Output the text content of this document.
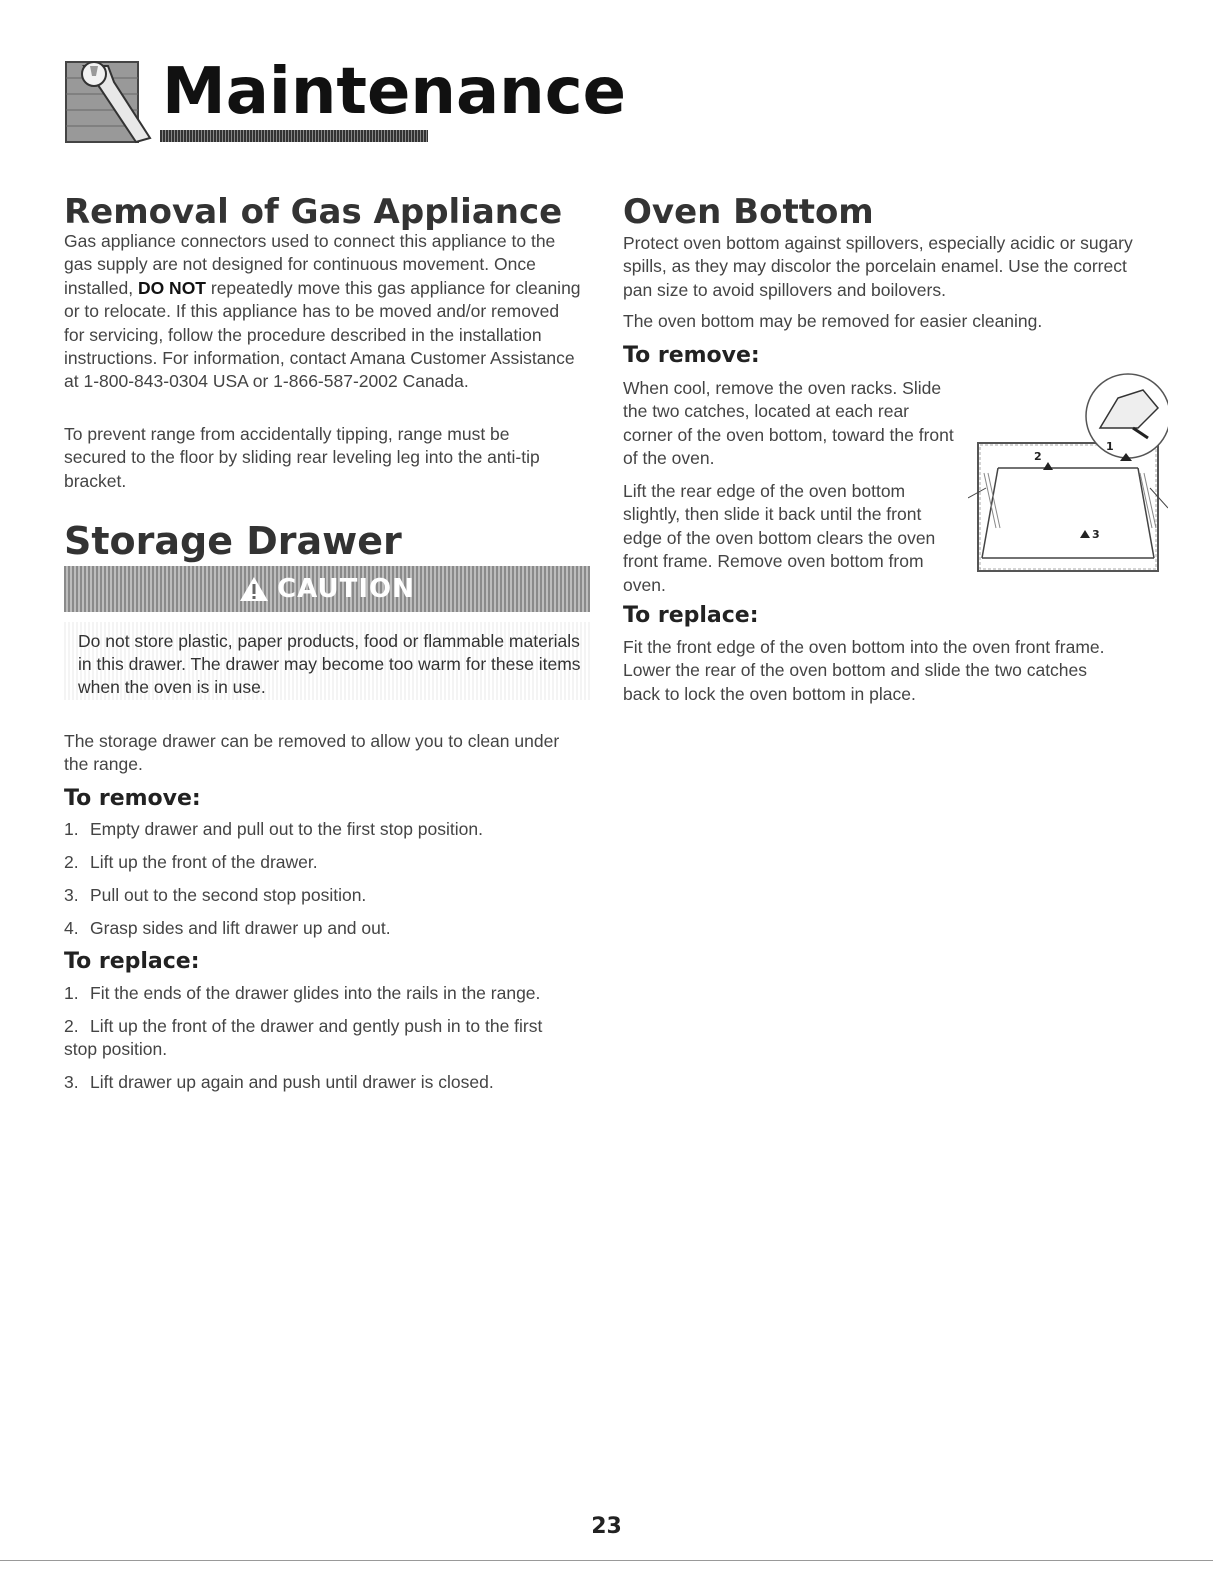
Maintenance
Removal of Gas Appliance

Gas appliance connectors used to connect this appliance to the gas supply are not designed for continuous movement. Once installed, DO NOT repeatedly move this gas appliance for cleaning or to relocate. If this appliance has to be moved and/or removed for servicing, follow the procedure described in the installation instructions. For information, contact Amana Customer Assistance at 1-800-843-0304 USA or 1-866-587-2002 Canada.

To prevent range from accidentally tipping, range must be secured to the floor by sliding rear leveling leg into the anti-tip bracket.

Storage Drawer
CAUTION
Do not store plastic, paper products, food or flammable materials in this drawer. The drawer may become too warm for these items when the oven is in use.

The storage drawer can be removed to allow you to clean under the range.

To remove:
1. Empty drawer and pull out to the first stop position.
2. Lift up the front of the drawer.
3. Pull out to the second stop position.
4. Grasp sides and lift drawer up and out.
To replace:
1. Fit the ends of the drawer glides into the rails in the range.
2. Lift up the front of the drawer and gently push in to the first stop position.
3. Lift drawer up again and push until drawer is closed.
Oven Bottom

Protect oven bottom against spillovers, especially acidic or sugary spills, as they may discolor the porcelain enamel. Use the correct pan size to avoid spillovers and boilovers.

The oven bottom may be removed for easier cleaning.

To remove:

When cool, remove the oven racks. Slide the two catches, located at each rear corner of the oven bottom, toward the front of the oven.

Lift the rear edge of the oven bottom slightly, then slide it back until the front edge of the oven bottom clears the oven front frame. Remove oven bottom from oven.

To replace:

Fit the front edge of the oven bottom into the oven front frame. Lower the rear of the oven bottom and slide the two catches back to lock the oven bottom in place.

1
2
3
23
